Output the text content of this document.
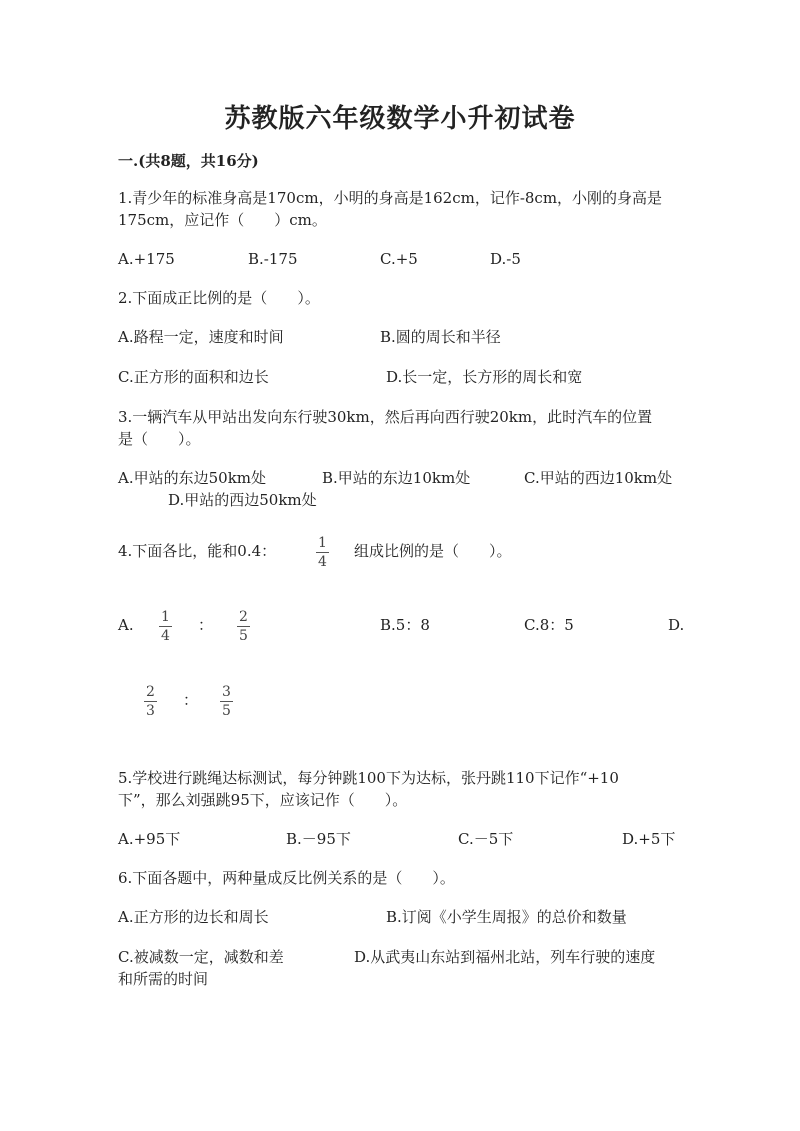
苏教版六年级数学小升初试卷
一.(共8题，共16分)
1.青少年的标准身高是170cm，小明的身高是162cm，记作-8cm，小刚的身高是
175cm，应记作（　　）cm。
A.+175	B.-175	C.+5	D.-5
2.下面成正比例的是（　　）。
A.路程一定，速度和时间	B.圆的周长和半径
C.正方形的面积和边长	D.长一定，长方形的周长和宽
3.一辆汽车从甲站出发向东行驶30km，然后再向西行驶20km，此时汽车的位置
是（　　）。
A.甲站的东边50km处	B.甲站的东边10km处	C.甲站的西边10km处
D.甲站的西边50km处
4.下面各比，能和0.4：	$\frac{1}{4}$ 组成比例的是（　　）。
A. $\frac{1}{4}$ ： $\frac{2}{5}$	B.5：8	C.8：5	D.
$\frac{2}{3}$ ： $\frac{3}{5}$
5.学校进行跳绳达标测试，每分钟跳100下为达标，张丹跳110下记作“+10
下”，那么刘强跳95下，应该记作（　　）。
A.+95下	B.－95下	C.－5下	D.+5下
6.下面各题中，两种量成反比例关系的是（　　）。
A.正方形的边长和周长	B.订阅《小学生周报》的总价和数量
C.被减数一定，减数和差	D.从武夷山东站到福州北站，列车行驶的速度
和所需的时间
